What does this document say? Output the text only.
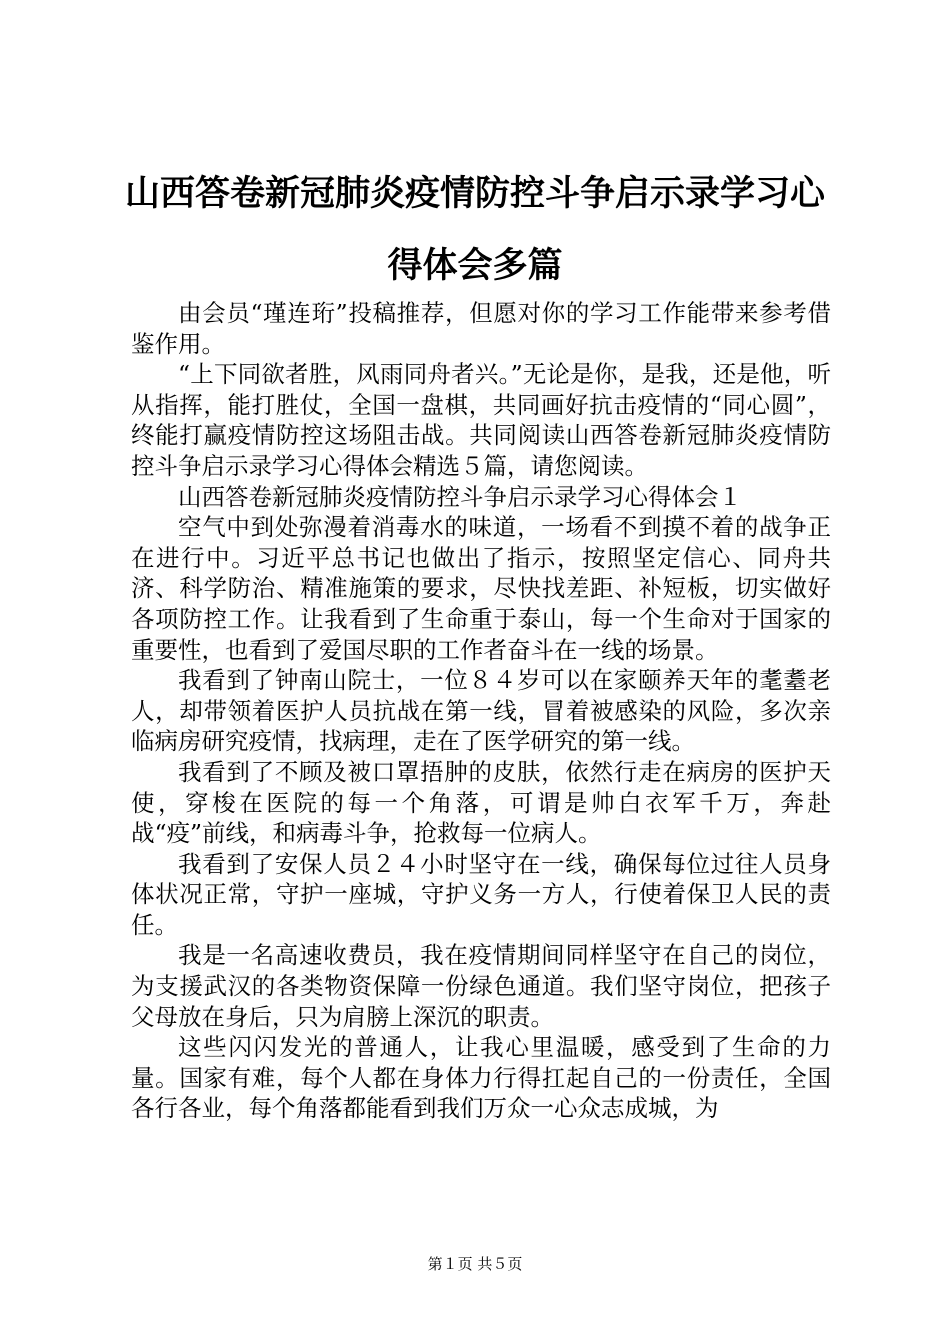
山西答卷新冠肺炎疫情防控斗争启示录学习心得体会多篇

由会员“瑾连珩”投稿推荐，但愿对你的学习工作能带来参考借鉴作用。

“上下同欲者胜，风雨同舟者兴。”无论是你，是我，还是他，听从指挥，能打胜仗，全国一盘棋，共同画好抗击疫情的“同心圆”，终能打赢疫情防控这场阻击战。共同阅读山西答卷新冠肺炎疫情防控斗争启示录学习心得体会精选５篇，请您阅读。

山西答卷新冠肺炎疫情防控斗争启示录学习心得体会１

空气中到处弥漫着消毒水的味道，一场看不到摸不着的战争正在进行中。习近平总书记也做出了指示，按照坚定信心、同舟共济、科学防治、精准施策的要求，尽快找差距、补短板，切实做好各项防控工作。让我看到了生命重于泰山，每一个生命对于国家的重要性，也看到了爱国尽职的工作者奋斗在一线的场景。

我看到了钟南山院士，一位８４岁可以在家颐养天年的耄耋老人，却带领着医护人员抗战在第一线，冒着被感染的风险，多次亲临病房研究疫情，找病理，走在了医学研究的第一线。

我看到了不顾及被口罩捂肿的皮肤，依然行走在病房的医护天使，穿梭在医院的每一个角落，可谓是帅白衣军千万，奔赴战“疫”前线，和病毒斗争，抢救每一位病人。

我看到了安保人员２４小时坚守在一线，确保每位过往人员身体状况正常，守护一座城，守护义务一方人，行使着保卫人民的责任。

我是一名高速收费员，我在疫情期间同样坚守在自己的岗位，为支援武汉的各类物资保障一份绿色通道。我们坚守岗位，把孩子父母放在身后，只为肩膀上深沉的职责。

这些闪闪发光的普通人，让我心里温暖，感受到了生命的力量。国家有难，每个人都在身体力行得扛起自己的一份责任，全国各行各业，每个角落都能看到我们万众一心众志成城，为

第１页 共５页
